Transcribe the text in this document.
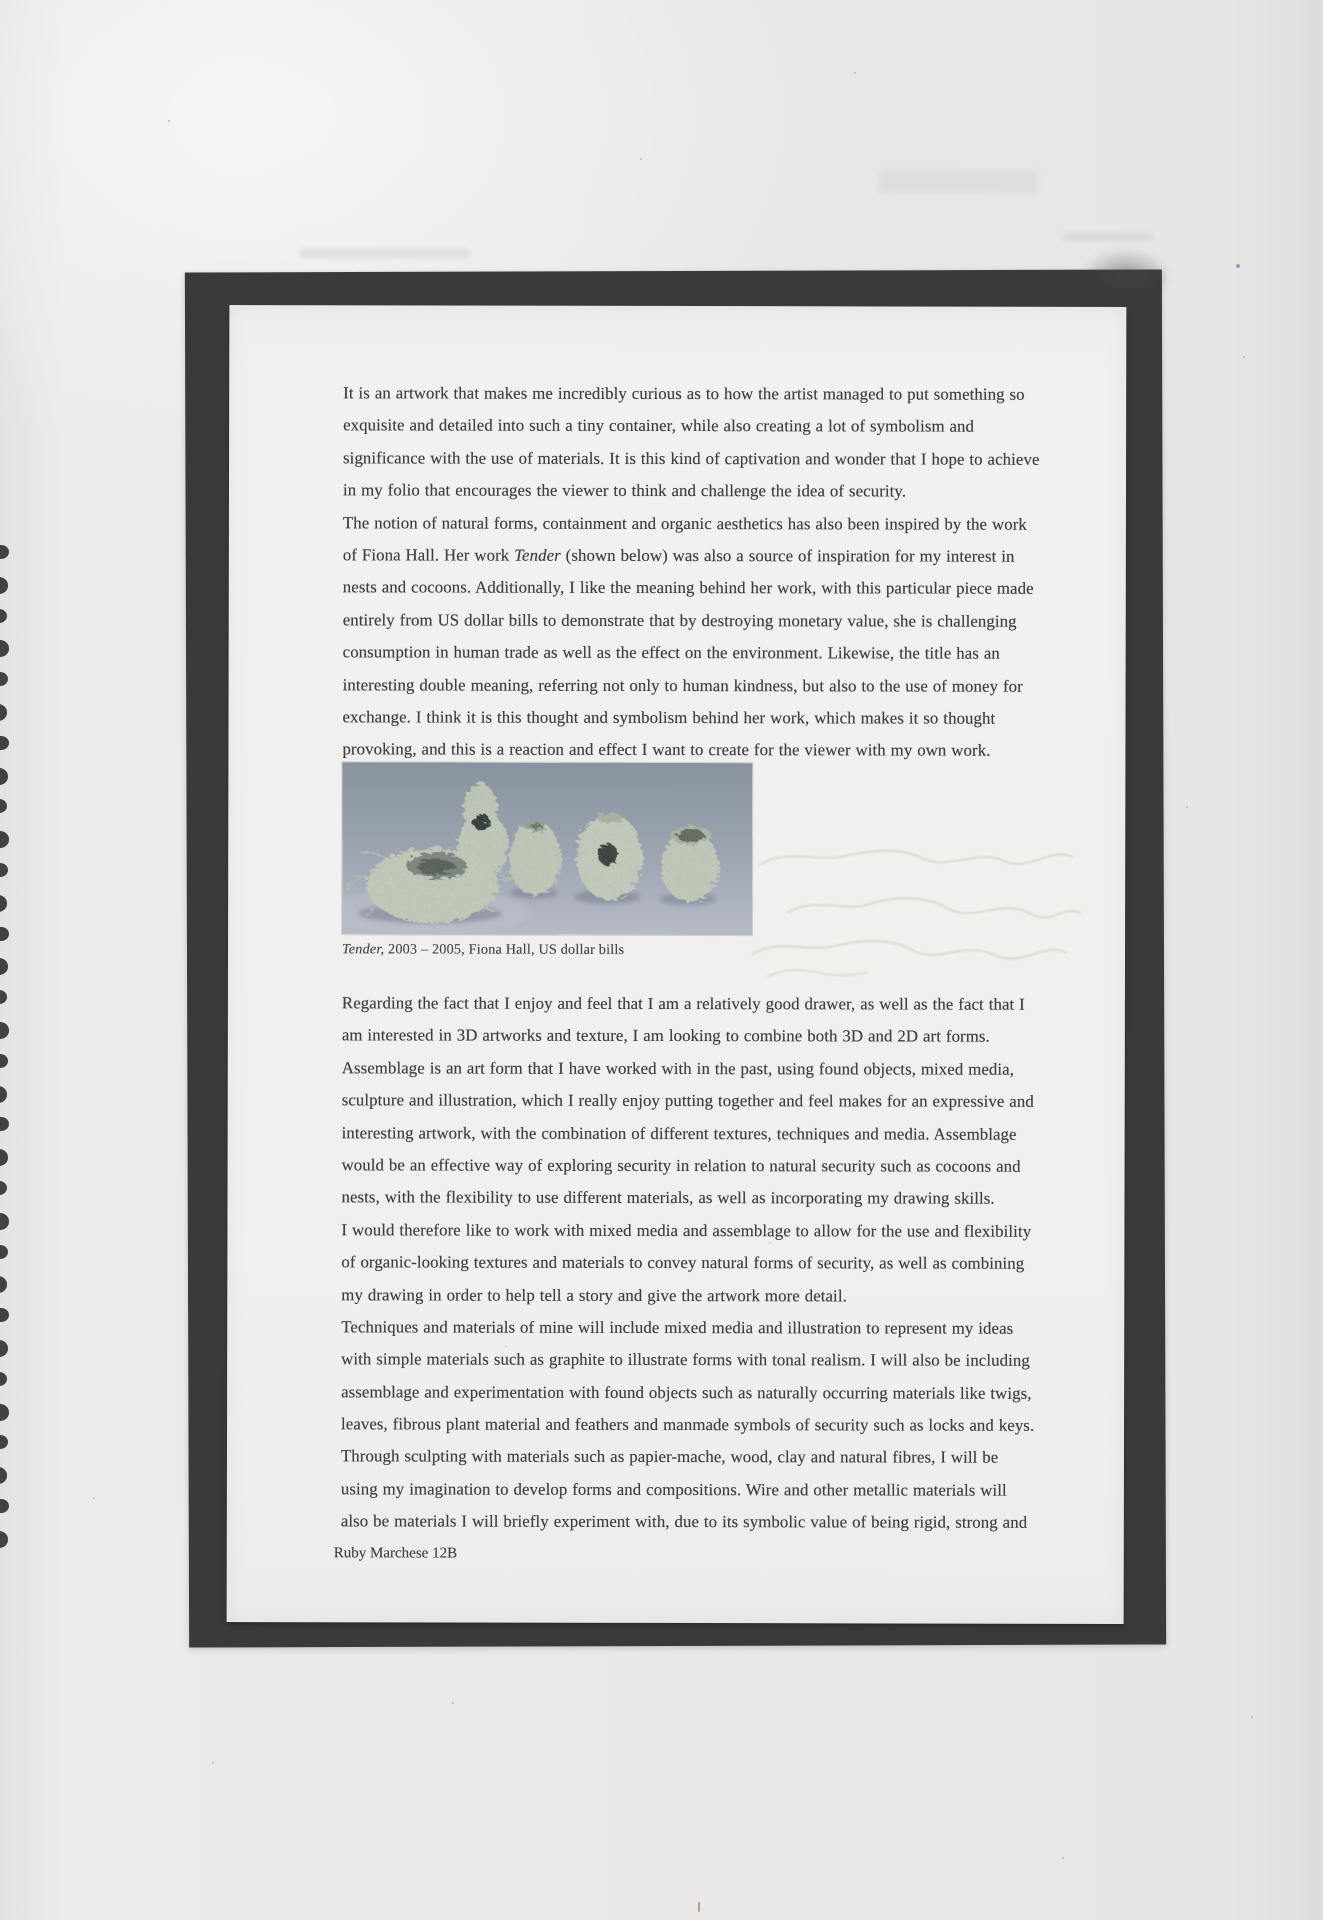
It is an artwork that makes me incredibly curious as to how the artist managed to put something so
exquisite and detailed into such a tiny container, while also creating a lot of symbolism and
significance with the use of materials. It is this kind of captivation and wonder that I hope to achieve
in my folio that encourages the viewer to think and challenge the idea of security.
The notion of natural forms, containment and organic aesthetics has also been inspired by the work
of Fiona Hall. Her work Tender (shown below) was also a source of inspiration for my interest in
nests and cocoons. Additionally, I like the meaning behind her work, with this particular piece made
entirely from US dollar bills to demonstrate that by destroying monetary value, she is challenging
consumption in human trade as well as the effect on the environment. Likewise, the title has an
interesting double meaning, referring not only to human kindness, but also to the use of money for
exchange. I think it is this thought and symbolism behind her work, which makes it so thought
provoking, and this is a reaction and effect I want to create for the viewer with my own work.
Tender, 2003 – 2005, Fiona Hall, US dollar bills
Regarding the fact that I enjoy and feel that I am a relatively good drawer, as well as the fact that I
am interested in 3D artworks and texture, I am looking to combine both 3D and 2D art forms.
Assemblage is an art form that I have worked with in the past, using found objects, mixed media,
sculpture and illustration, which I really enjoy putting together and feel makes for an expressive and
interesting artwork, with the combination of different textures, techniques and media. Assemblage
would be an effective way of exploring security in relation to natural security such as cocoons and
nests, with the flexibility to use different materials, as well as incorporating my drawing skills.
I would therefore like to work with mixed media and assemblage to allow for the use and flexibility
of organic-looking textures and materials to convey natural forms of security, as well as combining
my drawing in order to help tell a story and give the artwork more detail.
Techniques and materials of mine will include mixed media and illustration to represent my ideas
with simple materials such as graphite to illustrate forms with tonal realism. I will also be including
assemblage and experimentation with found objects such as naturally occurring materials like twigs,
leaves, fibrous plant material and feathers and manmade symbols of security such as locks and keys.
Through sculpting with materials such as papier-mache, wood, clay and natural fibres, I will be
using my imagination to develop forms and compositions. Wire and other metallic materials will
also be materials I will briefly experiment with, due to its symbolic value of being rigid, strong and
Ruby Marchese 12B
